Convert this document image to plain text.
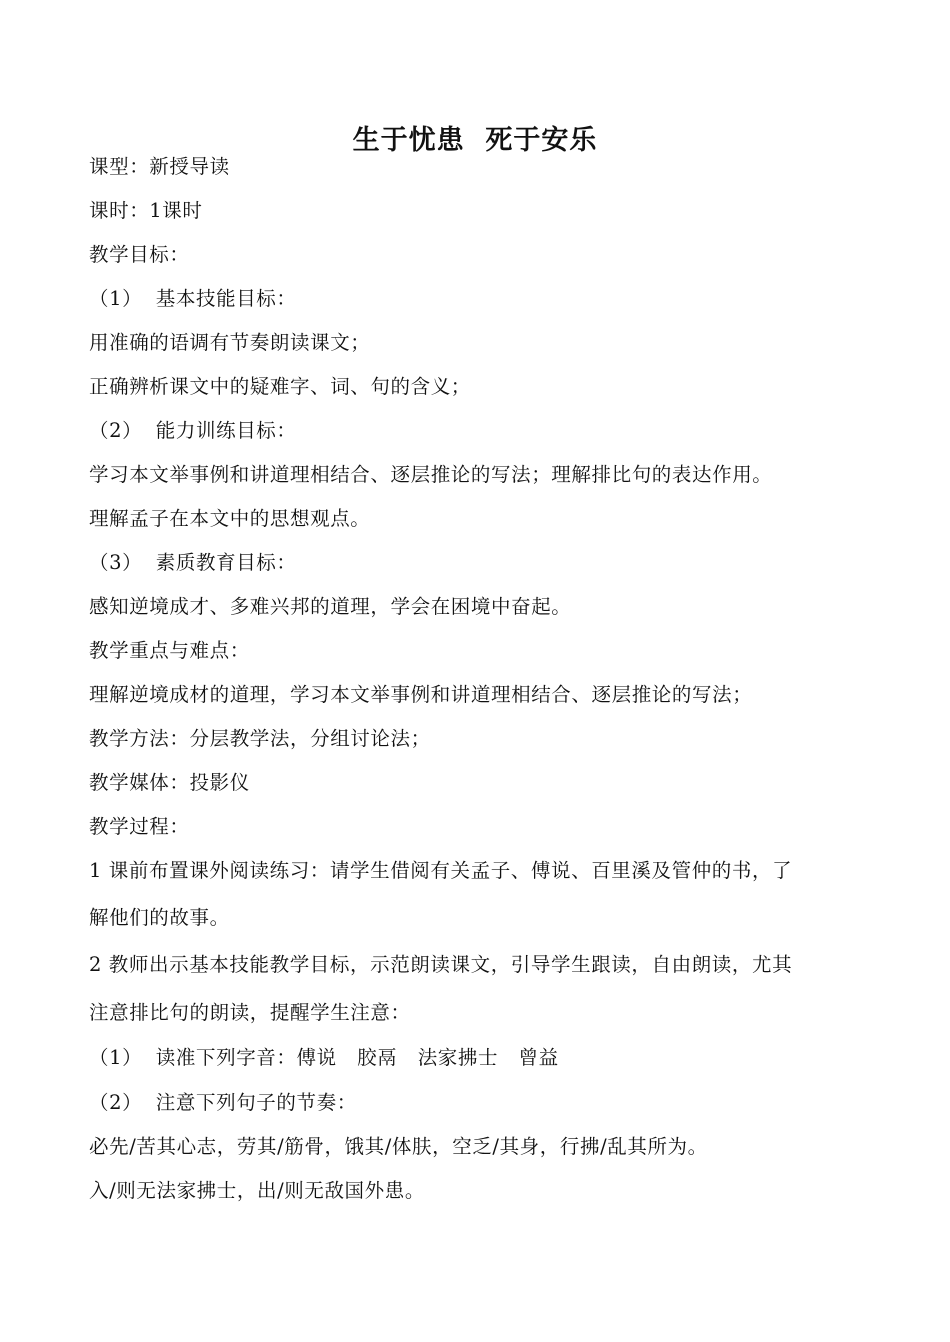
生于忧患  死于安乐
课型：新授导读
课时：1课时
教学目标：
（1）  基本技能目标：
用准确的语调有节奏朗读课文；
正确辨析课文中的疑难字、词、句的含义；
（2）  能力训练目标：
学习本文举事例和讲道理相结合、逐层推论的写法；理解排比句的表达作用。
理解孟子在本文中的思想观点。
（3）  素质教育目标：
感知逆境成才、多难兴邦的道理，学会在困境中奋起。
教学重点与难点：
理解逆境成材的道理，学习本文举事例和讲道理相结合、逐层推论的写法；
教学方法：分层教学法，分组讨论法；
教学媒体：投影仪
教学过程：
1 课前布置课外阅读练习：请学生借阅有关孟子、傅说、百里溪及管仲的书，了
解他们的故事。
2 教师出示基本技能教学目标，示范朗读课文，引导学生跟读，自由朗读，尤其
注意排比句的朗读，提醒学生注意：
（1）  读准下列字音：傅说   胶鬲   法家拂士   曾益
（2）  注意下列句子的节奏：
必先/苦其心志，劳其/筋骨，饿其/体肤，空乏/其身，行拂/乱其所为。
入/则无法家拂士，出/则无敌国外患。
